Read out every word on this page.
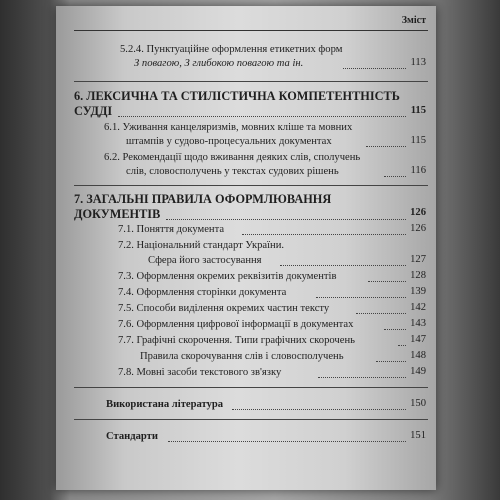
Зміст
5.2.4. Пунктуаційне оформлення етикетних форм
З повагою, З глибокою повагою та ін.	113
6. ЛЕКСИЧНА ТА СТИЛІСТИЧНА КОМПЕТЕНТНІСТЬ
СУДДІ	115
6.1. Уживання канцеляризмів, мовних кліше та мовних
штампів у судово-процесуальних документах	115
6.2. Рекомендації щодо вживання деяких слів, сполучень
слів, словосполучень у текстах судових рішень	116
7. ЗАГАЛЬНІ ПРАВИЛА ОФОРМЛЮВАННЯ
ДОКУМЕНТІВ	126
7.1. Поняття документа	126
7.2. Національний стандарт України.
Сфера його застосування	127
7.3. Оформлення окремих реквізитів документів	128
7.4. Оформлення сторінки документа	139
7.5. Способи виділення окремих частин тексту	142
7.6. Оформлення цифрової інформації в документах	143
7.7. Графічні скорочення. Типи графічних скорочень	147
Правила скорочування слів і словосполучень	148
7.8. Мовні засоби текстового зв'язку	149
Використана література	150
Стандарти	151
